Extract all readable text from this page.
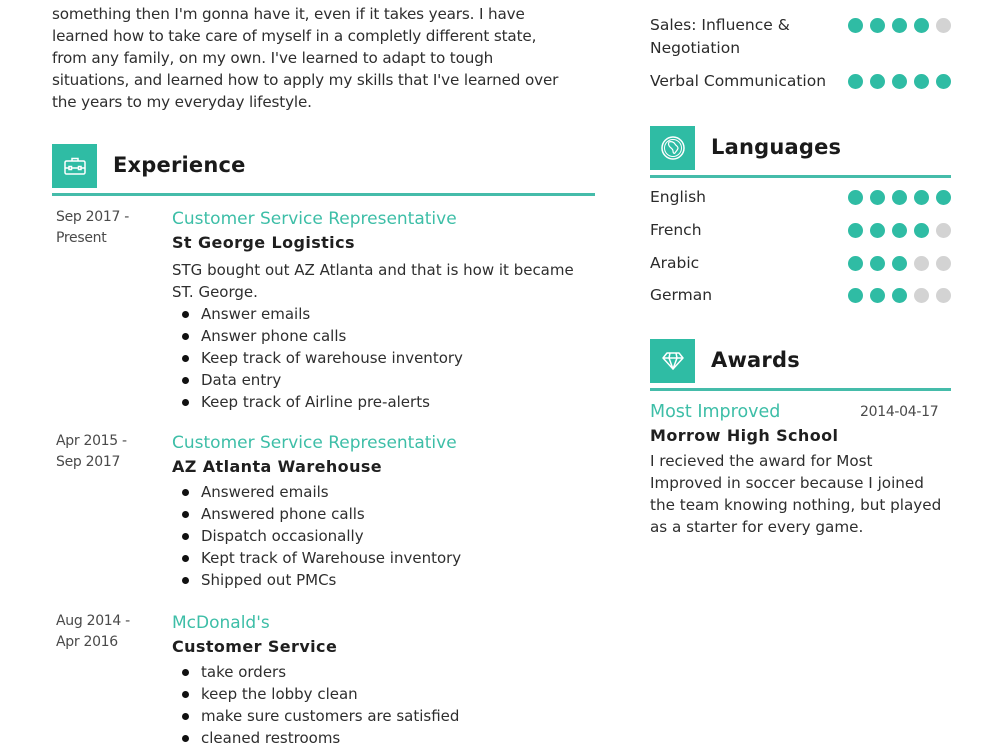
something then I'm gonna have it, even if it takes years. I have
learned how to take care of myself in a completly different state,
from any family, on my own. I've learned to adapt to tough
situations, and learned how to apply my skills that I've learned over
the years to my everyday lifestyle.
Experience
Sep 2017 -
Present
Customer Service Representative
St George Logistics
STG bought out AZ Atlanta and that is how it became
ST. George.
Answer emails
Answer phone calls
Keep track of warehouse inventory
Data entry
Keep track of Airline pre-alerts
Apr 2015 -
Sep 2017
Customer Service Representative
AZ Atlanta Warehouse
Answered emails
Answered phone calls
Dispatch occasionally
Kept track of Warehouse inventory
Shipped out PMCs
Aug 2014 -
Apr 2016
McDonald's
Customer Service
take orders
keep the lobby clean
make sure customers are satisfied
cleaned restrooms
Sales: Influence &
Negotiation
Verbal Communication
Languages
English
French
Arabic
German
Awards
Most Improved	2014-04-17
Morrow High School
I recieved the award for Most
Improved in soccer because I joined
the team knowing nothing, but played
as a starter for every game.
